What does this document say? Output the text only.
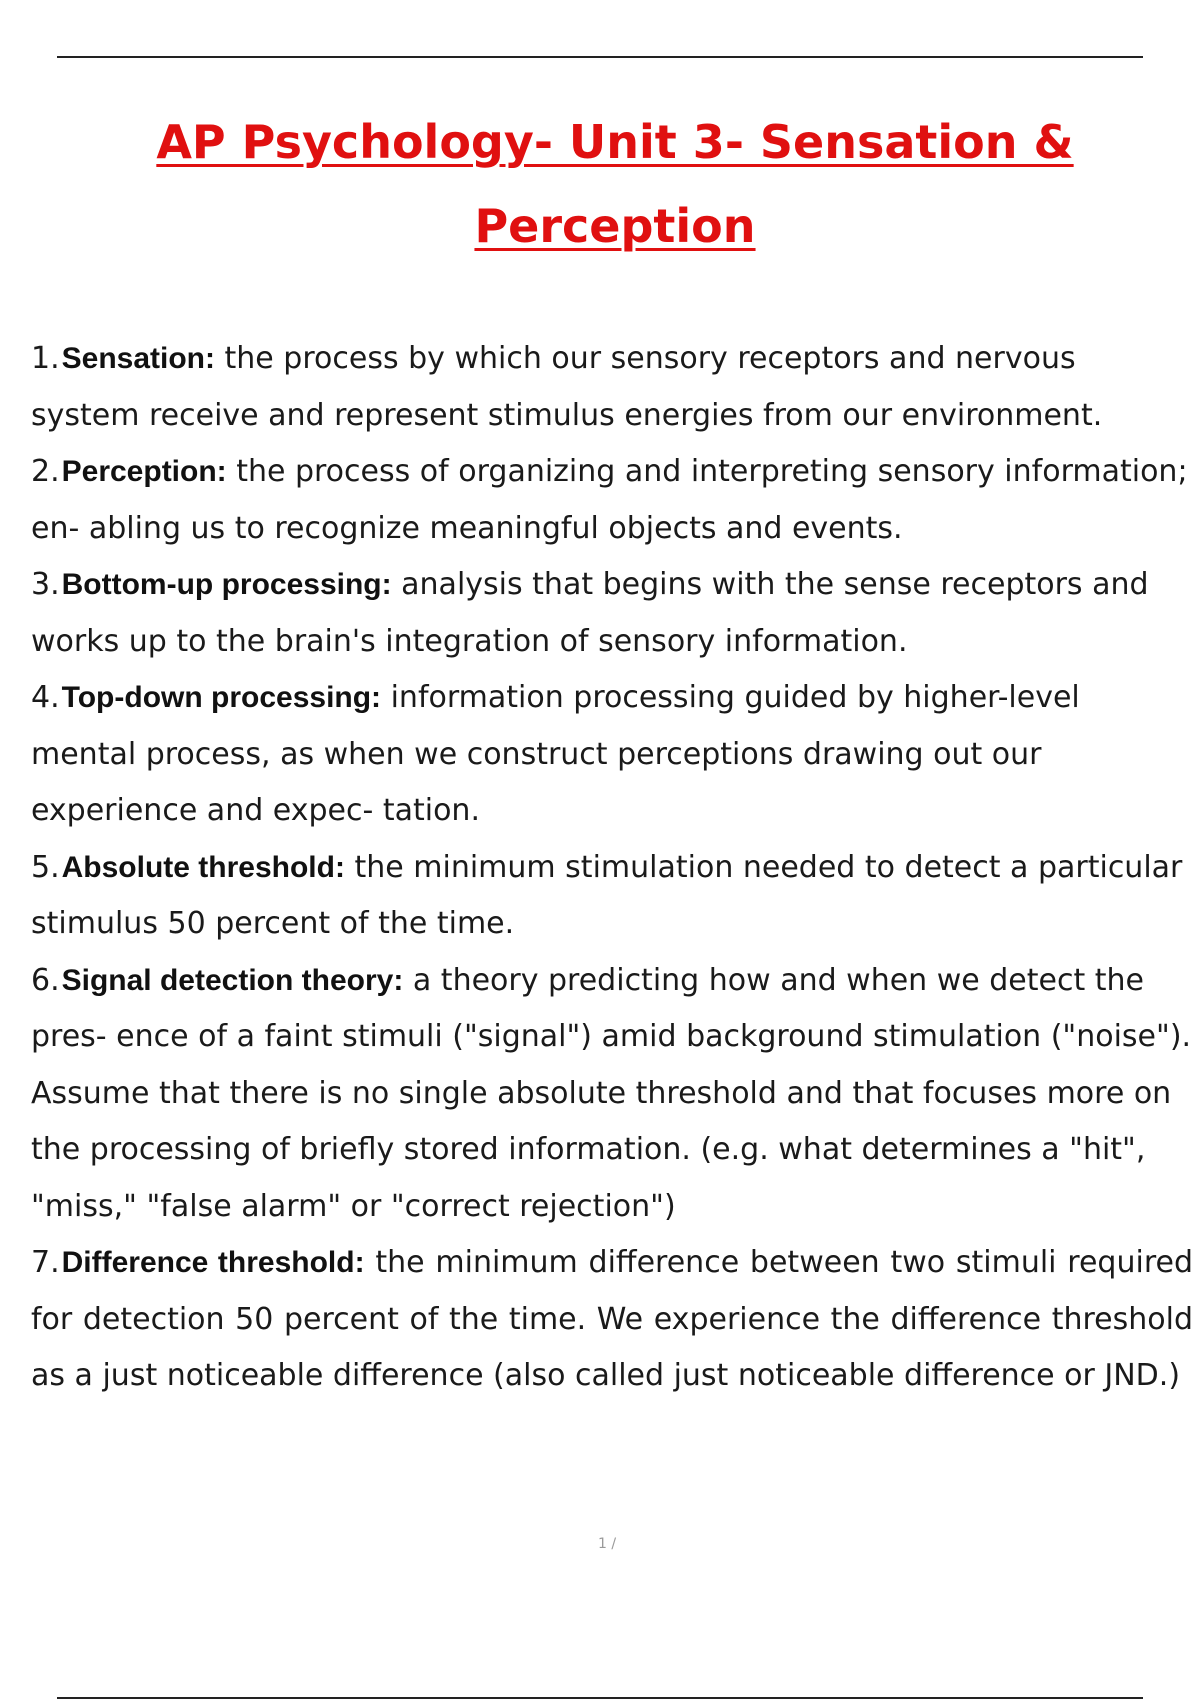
AP Psychology- Unit 3- Sensation & Perception
1.Sensation: the process by which our sensory receptors and nervous system receive and represent stimulus energies from our environment.
2.Perception: the process of organizing and interpreting sensory information; en- abling us to recognize meaningful objects and events.
3.Bottom-up processing: analysis that begins with the sense receptors and works up to the brain's integration of sensory information.
4.Top-down processing: information processing guided by higher-level mental process, as when we construct perceptions drawing out our experience and expec- tation.
5.Absolute threshold: the minimum stimulation needed to detect a particular stimulus 50 percent of the time.
6.Signal detection theory: a theory predicting how and when we detect the pres- ence of a faint stimuli ("signal") amid background stimulation ("noise"). Assume that there is no single absolute threshold and that focuses more on the processing of briefly stored information. (e.g. what determines a "hit", "miss," "false alarm" or "correct rejection")
7.Difference threshold: the minimum difference between two stimuli required for detection 50 percent of the time. We experience the difference threshold as a just noticeable difference (also called just noticeable difference or JND.)
1 /
